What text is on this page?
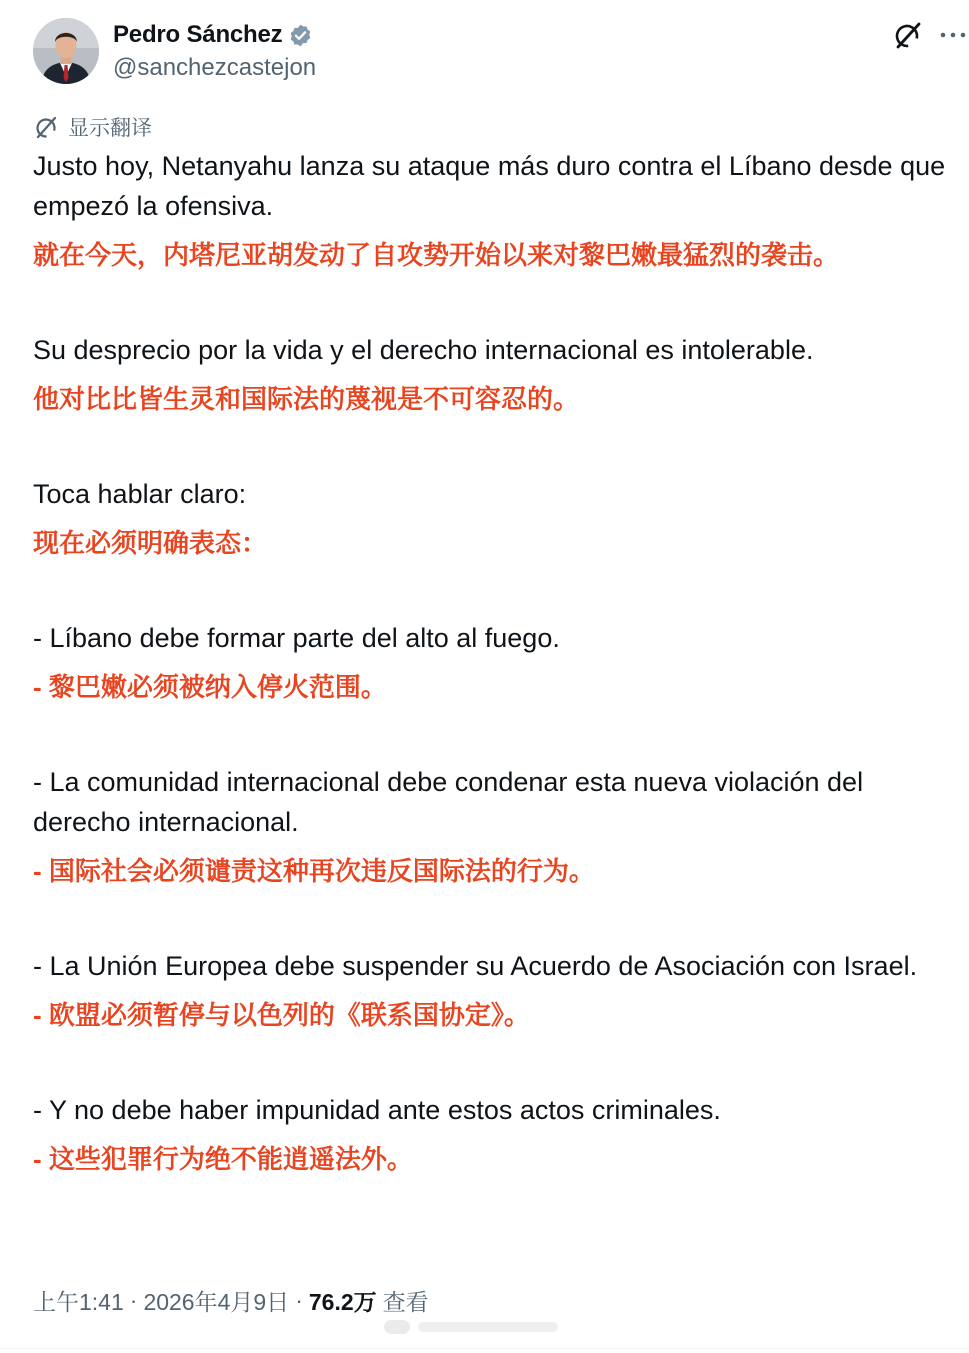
Pedro Sánchez
@sanchezcastejon
显示翻译

Justo hoy, Netanyahu lanza su ataque más duro contra el Líbano desde que empezó la ofensiva.

就在今天，内塔尼亚胡发动了自攻势开始以来对黎巴嫩最猛烈的袭击。

Su desprecio por la vida y el derecho internacional es intolerable.

他对比比皆生灵和国际法的蔑视是不可容忍的。

Toca hablar claro:

现在必须明确表态：

- Líbano debe formar parte del alto al fuego.

- 黎巴嫩必须被纳入停火范围。

- La comunidad internacional debe condenar esta nueva violación del derecho internacional.

- 国际社会必须谴责这种再次违反国际法的行为。

- La Unión Europea debe suspender su Acuerdo de Asociación con Israel.

- 欧盟必须暂停与以色列的《联系国协定》。

- Y no debe haber impunidad ante estos actos criminales.

- 这些犯罪行为绝不能逍遥法外。

上午1:41 · 2026年4月9日 · 76.2万 查看
